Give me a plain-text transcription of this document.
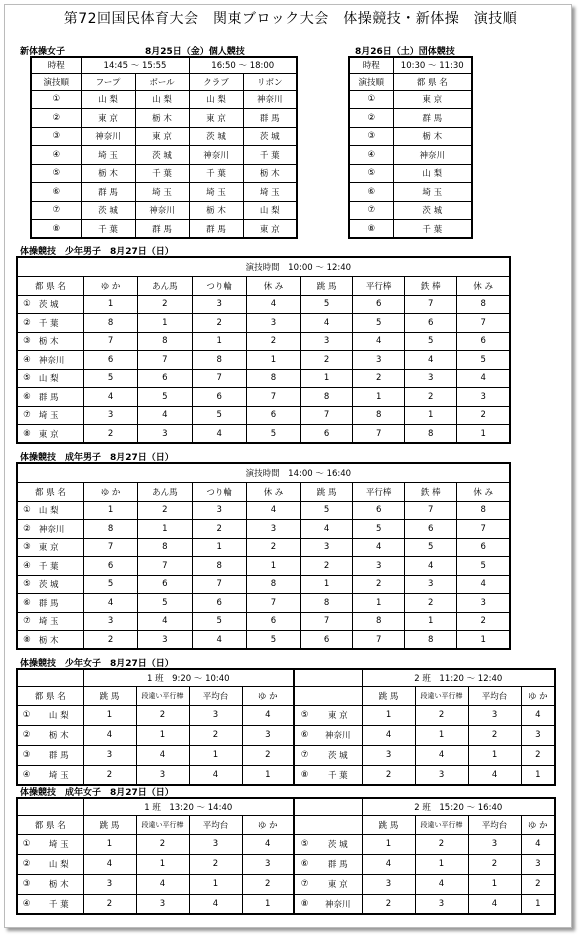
第72回国民体育大会　関東ブロック大会　体操競技・新体操　演技順
新体操女子	8月25日（金）個人競技
時程	14:45 〜 15:55		16:50 〜 18:00	
演技順	フープ	ボール	クラブ	リボン
①	山 梨	山 梨	山 梨	神奈川
②	東 京	栃 木	東 京	群 馬
③	神奈川	東 京	茨 城	茨 城
④	埼 玉	茨 城	神奈川	千 葉
⑤	栃 木	千 葉	千 葉	栃 木
⑥	群 馬	埼 玉	埼 玉	埼 玉
⑦	茨 城	神奈川	栃 木	山 梨
⑧	千 葉	群 馬	群 馬	東 京
8月26日（土）団体競技
時程	10:30 〜 11:30
演技順	都 県 名
①	東 京
②	群 馬
③	栃 木
④	神奈川
⑤	山 梨
⑥	埼 玉
⑦	茨 城
⑧	千 葉
体操競技　少年男子　8月27日（日）
				演技時間　10:00 〜 12:40					
都 県 名		ゆ か	あん馬	つり輪	休 み	跳 馬	平行棒	鉄 棒	休 み
①	茨 城	1	2	3	4	5	6	7	8
②	千 葉	8	1	2	3	4	5	6	7
③	栃 木	7	8	1	2	3	4	5	6
④	神奈川	6	7	8	1	2	3	4	5
⑤	山 梨	5	6	7	8	1	2	3	4
⑥	群 馬	4	5	6	7	8	1	2	3
⑦	埼 玉	3	4	5	6	7	8	1	2
⑧	東 京	2	3	4	5	6	7	8	1
体操競技　成年男子　8月27日（日）
				演技時間　14:00 〜 16:40					
都 県 名		ゆ か	あん馬	つり輪	休 み	跳 馬	平行棒	鉄 棒	休 み
①	山 梨	1	2	3	4	5	6	7	8
②	神奈川	8	1	2	3	4	5	6	7
③	東 京	7	8	1	2	3	4	5	6
④	千 葉	6	7	8	1	2	3	4	5
⑤	茨 城	5	6	7	8	1	2	3	4
⑥	群 馬	4	5	6	7	8	1	2	3
⑦	埼 玉	3	4	5	6	7	8	1	2
⑧	栃 木	2	3	4	5	6	7	8	1
体操競技　少年女子　8月27日（日）
		1 班　9:20 〜 10:40						2 班　11:20 〜 12:40			
都 県 名		跳 馬	段違い平行棒	平均台	ゆ か			跳 馬	段違い平行棒	平均台	ゆ か
①	山 梨	1	2	3	4	⑤	東 京	1	2	3	4
②	栃 木	4	1	2	3	⑥	神奈川	4	1	2	3
③	群 馬	3	4	1	2	⑦	茨 城	3	4	1	2
④	埼 玉	2	3	4	1	⑧	千 葉	2	3	4	1
体操競技　成年女子　8月27日（日）
		1 班　13:20 〜 14:40						2 班　15:20 〜 16:40			
都 県 名		跳 馬	段違い平行棒	平均台	ゆ か			跳 馬	段違い平行棒	平均台	ゆ か
①	埼 玉	1	2	3	4	⑤	茨 城	1	2	3	4
②	山 梨	4	1	2	3	⑥	群 馬	4	1	2	3
③	栃 木	3	4	1	2	⑦	東 京	3	4	1	2
④	千 葉	2	3	4	1	⑧	神奈川	2	3	4	1
